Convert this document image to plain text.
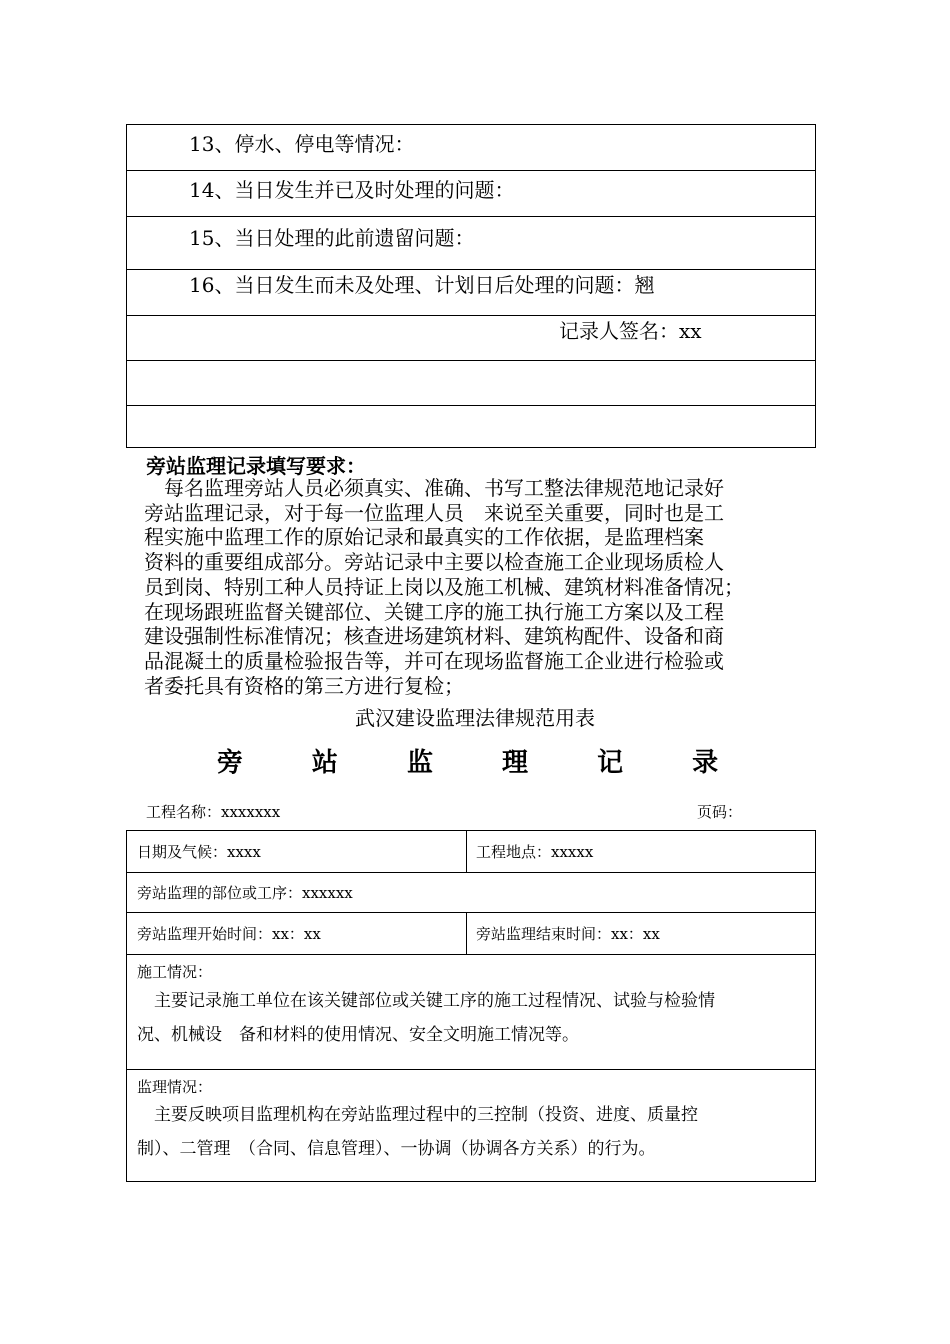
13、停水、停电等情况：
14、当日发生并已及时处理的问题：
15、当日处理的此前遗留问题：
16、当日发生而未及处理、计划日后处理的问题：翘
记录人签名：xx
旁站监理记录填写要求：
　每名监理旁站人员必须真实、准确、书写工整法律规范地记录好
旁站监理记录，对于每一位监理人员　来说至关重要，同时也是工
程实施中监理工作的原始记录和最真实的工作依据，是监理档案
资料的重要组成部分。旁站记录中主要以检查施工企业现场质检人
员到岗、特别工种人员持证上岗以及施工机械、建筑材料准备情况；
在现场跟班监督关键部位、关键工序的施工执行施工方案以及工程
建设强制性标准情况；核查进场建筑材料、建筑构配件、设备和商
品混凝土的质量检验报告等，并可在现场监督施工企业进行检验或
者委托具有资格的第三方进行复检；
武汉建设监理法律规范用表
旁 站 监 理 记 录
工程名称：xxxxxxx	页码：
日期及气候：xxxx	工程地点：xxxxx
旁站监理的部位或工序：xxxxxx
旁站监理开始时间：xx：xx	旁站监理结束时间：xx：xx
施工情况：
　主要记录施工单位在该关键部位或关键工序的施工过程情况、试验与检验情
况、机械设　备和材料的使用情况、安全文明施工情况等。
监理情况：
　主要反映项目监理机构在旁站监理过程中的三控制（投资、进度、质量控
制）、二管理　（合同、信息管理）、一协调（协调各方关系）的行为。
